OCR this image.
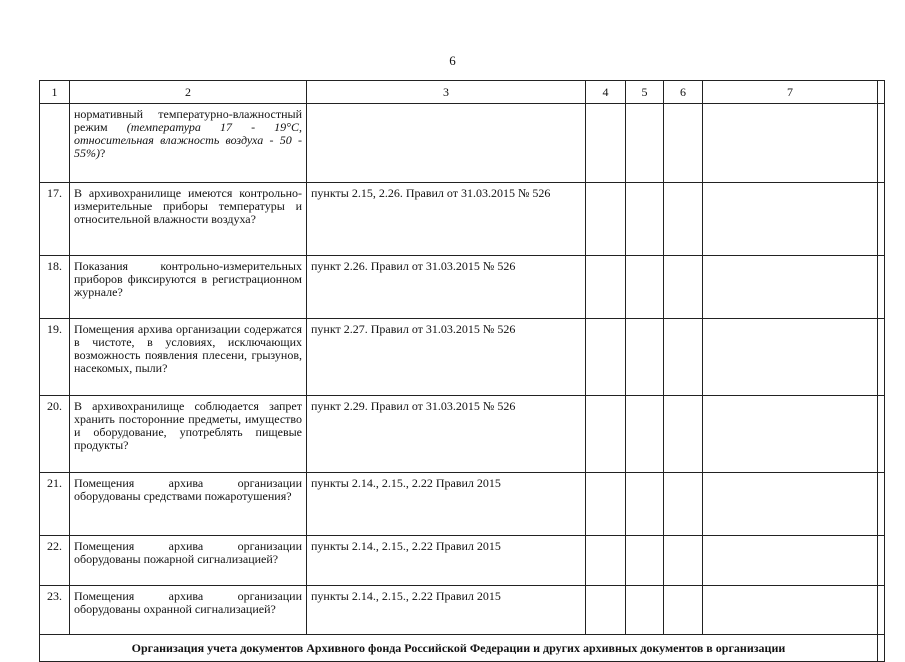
6
1	2	3	4	5	6	7	
	нормативный температурно-влажностный режим (температура 17 - 19°C, относительная влажность воздуха - 50 - 55%)?						
17.	В архивохранилище имеются контрольно-измерительные приборы температуры и относительной влажности воздуха?	пункты 2.15, 2.26. Правил от 31.03.2015 № 526					
18.	Показания контрольно-измерительных приборов фиксируются в регистрационном журнале?	пункт 2.26. Правил от 31.03.2015 № 526					
19.	Помещения архива организации содержатся в чистоте, в условиях, исключающих возможность появления плесени, грызунов, насекомых, пыли?	пункт 2.27. Правил от 31.03.2015 № 526					
20.	В архивохранилище соблюдается запрет хранить посторонние предметы, имущество и оборудование, употреблять пищевые продукты?	пункт 2.29. Правил от 31.03.2015 № 526					
21.	Помещения архива организации оборудованы средствами пожаротушения?	пункты 2.14., 2.15., 2.22 Правил 2015					
22.	Помещения архива организации оборудованы пожарной сигнализацией?	пункты 2.14., 2.15., 2.22 Правил 2015					
23.	Помещения архива организации оборудованы охранной сигнализацией?	пункты 2.14., 2.15., 2.22 Правил 2015					
Организация учета документов Архивного фонда Российской Федерации и других архивных документов в организации							
